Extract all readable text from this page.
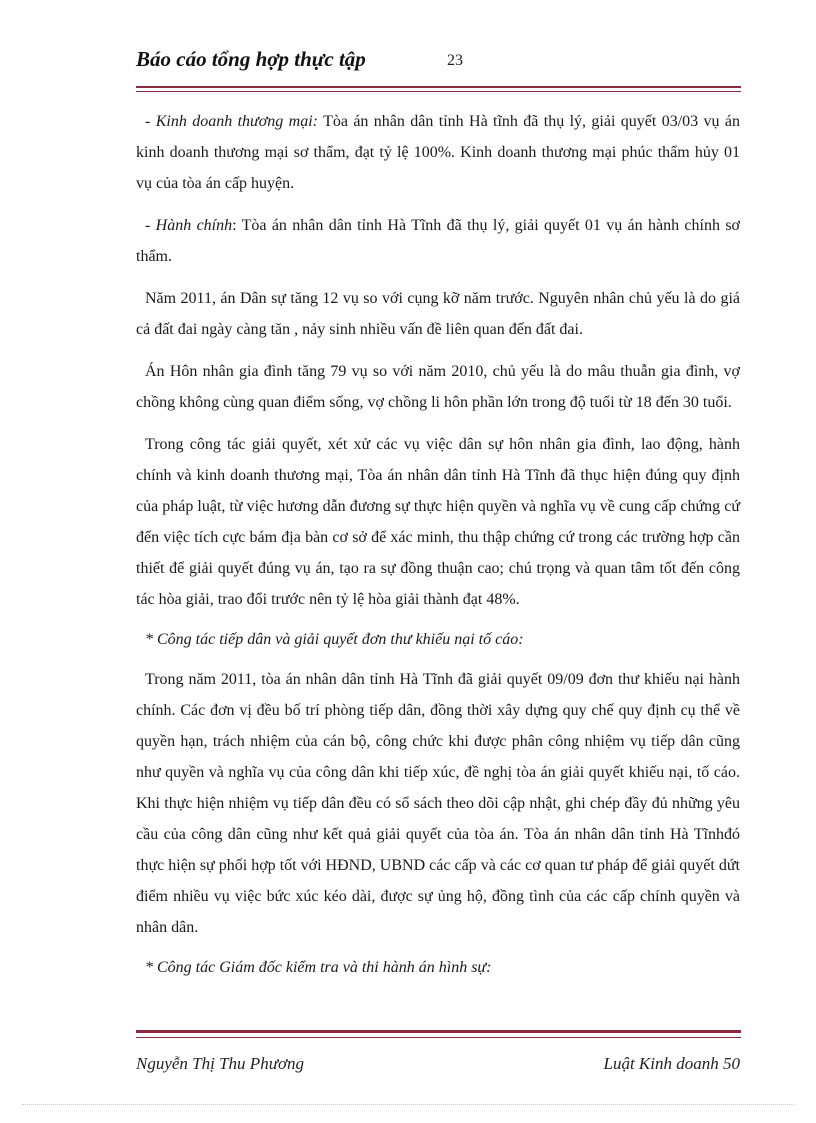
Báo cáo tổng hợp thực tập	23

- Kinh doanh thương mại: Tòa án nhân dân tỉnh Hà tĩnh đã thụ lý, giải quyết 03/03 vụ án kinh doanh thương mại sơ thẩm, đạt tỷ lệ 100%. Kinh doanh thương mại phúc thẩm hủy 01 vụ của tòa án cấp huyện.

- Hành chính: Tòa án nhân dân tỉnh Hà Tĩnh đã thụ lý, giải quyết 01 vụ án hành chính sơ thẩm.

Năm 2011, án Dân sự tăng 12 vụ so với cụng kỡ năm trước. Nguyên nhân chủ yếu là do giá cả đất đai ngày càng tăn , nảy sinh nhiều vấn đề liên quan đến đất đai.

Án Hôn nhân gia đình tăng 79 vụ so với năm 2010, chủ yếu là do mâu thuẫn gia đình, vợ chồng không cùng quan điểm sống, vợ chồng li hôn phần lớn trong độ tuổi từ 18 đến 30 tuổi.

Trong công tác giải quyết, xét xử các vụ việc dân sự hôn nhân gia đình, lao động, hành chính và kinh doanh thương mại, Tòa án nhân dân tỉnh Hà Tĩnh đã thục hiện đúng quy định của pháp luật, từ việc hương dẫn đương sự thực hiện quyền và nghĩa vụ về cung cấp chứng cứ đến việc tích cực bám địa bàn cơ sở để xác minh, thu thập chứng cứ trong các trường hợp cần thiết để giải quyết đúng vụ án, tạo ra sự đồng thuận cao; chú trọng và quan tâm tốt đến công tác hòa giải, trao đổi trước nên tỷ lệ hòa giải thành đạt 48%.

* Công tác tiếp dân và giải quyết đơn thư khiếu nại tố cáo:

Trong năm 2011, tòa án nhân dân tỉnh Hà Tĩnh đã giải quyết 09/09 đơn thư khiếu nại hành chính. Các đơn vị đều bố trí phòng tiếp dân, đồng thời xây dựng quy chế quy định cụ thể về quyền hạn, trách nhiệm của cán bộ, công chức khi được phân công nhiệm vụ tiếp dân cũng như quyền và nghĩa vụ của công dân khi tiếp xúc, đề nghị tòa án giải quyết khiếu nại, tố cáo. Khi thực hiện nhiệm vụ tiếp dân đều có sổ sách theo dõi cập nhật, ghi chép đầy đủ những yêu cầu của công dân cũng như kết quả giải quyết của tòa án. Tòa án nhân dân tỉnh Hà Tĩnhđó thực hiện sự phối hợp tốt với HĐND, UBND các cấp và các cơ quan tư pháp để giải quyết dứt điểm nhiều vụ việc bức xúc kéo dài, được sự ủng hộ, đồng tình của các cấp chính quyền và nhân dân.

* Công tác Giám đốc kiểm tra và thi hành án hình sự:

Nguyễn Thị Thu Phương	Luật Kinh doanh 50
